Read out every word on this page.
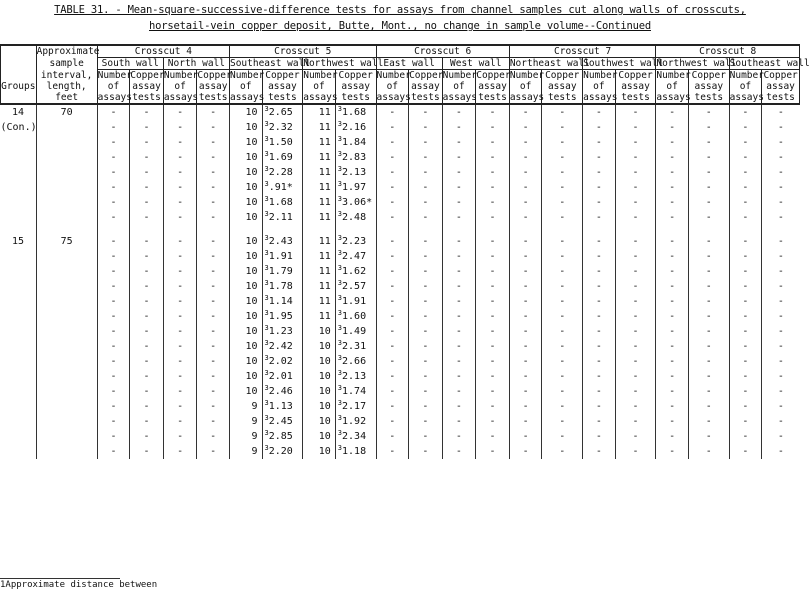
TABLE 31. - Mean-square-successive-difference tests for assays from channel samples cut along walls of crosscuts,
horsetail-vein copper deposit, Butte, Mont., no change in sample volume--Continued
	Approximate	Crosscut 4				Crosscut 5				Crosscut 6				Crosscut 7				Crosscut 8			
	sample	South wall		North wall		Southeast wall		Northwest wall		East wall		West wall		Northeast wall		Southwest wall		Northwest wall		Southeast wall	
	interval,	Number	Copper	Number	Copper	Number	Copper	Number	Copper	Number	Copper	Number	Copper	Number	Copper	Number	Copper	Number	Copper	Number	Copper
Groups	length,	of	assay	of	assay	of	assay	of	assay	of	assay	of	assay	of	assay	of	assay	of	assay	of	assay
	feet	assays	tests	assays	tests	assays	tests	assays	tests	assays	tests	assays	tests	assays	tests	assays	tests	assays	tests	assays	tests
14	70	-	-	-	-	10	$^3$2.65	11	$^3$1.68	-	-	-	-	-	-	-	-	-	-	-	-
(Con.)		-	-	-	-	10	$^3$2.32	11	$^3$2.16	-	-	-	-	-	-	-	-	-	-	-	-
		-	-	-	-	10	$^3$1.50	11	$^3$1.84	-	-	-	-	-	-	-	-	-	-	-	-
		-	-	-	-	10	$^3$1.69	11	$^3$2.83	-	-	-	-	-	-	-	-	-	-	-	-
		-	-	-	-	10	$^3$2.28	11	$^3$2.13	-	-	-	-	-	-	-	-	-	-	-	-
		-	-	-	-	10	$^3$.91*	11	$^3$1.97	-	-	-	-	-	-	-	-	-	-	-	-
		-	-	-	-	10	$^3$1.68	11	$^3$3.06*	-	-	-	-	-	-	-	-	-	-	-	-
		-	-	-	-	10	$^3$2.11	11	$^3$2.48	-	-	-	-	-	-	-	-	-	-	-	-

15	75	-	-	-	-	10	$^3$2.43	11	$^3$2.23	-	-	-	-	-	-	-	-	-	-	-	-
		-	-	-	-	10	$^3$1.91	11	$^3$2.47	-	-	-	-	-	-	-	-	-	-	-	-
		-	-	-	-	10	$^3$1.79	11	$^3$1.62	-	-	-	-	-	-	-	-	-	-	-	-
		-	-	-	-	10	$^3$1.78	11	$^3$2.57	-	-	-	-	-	-	-	-	-	-	-	-
		-	-	-	-	10	$^3$1.14	11	$^3$1.91	-	-	-	-	-	-	-	-	-	-	-	-
		-	-	-	-	10	$^3$1.95	11	$^3$1.60	-	-	-	-	-	-	-	-	-	-	-	-
		-	-	-	-	10	$^3$1.23	10	$^3$1.49	-	-	-	-	-	-	-	-	-	-	-	-
		-	-	-	-	10	$^3$2.42	10	$^3$2.31	-	-	-	-	-	-	-	-	-	-	-	-
		-	-	-	-	10	$^3$2.02	10	$^3$2.66	-	-	-	-	-	-	-	-	-	-	-	-
		-	-	-	-	10	$^3$2.01	10	$^3$2.13	-	-	-	-	-	-	-	-	-	-	-	-
		-	-	-	-	10	$^3$2.46	10	$^3$1.74	-	-	-	-	-	-	-	-	-	-	-	-
		-	-	-	-	9	$^3$1.13	10	$^3$2.17	-	-	-	-	-	-	-	-	-	-	-	-
		-	-	-	-	9	$^3$2.45	10	$^3$1.92	-	-	-	-	-	-	-	-	-	-	-	-
		-	-	-	-	9	$^3$2.85	10	$^3$2.34	-	-	-	-	-	-	-	-	-	-	-	-
		-	-	-	-	9	$^3$2.20	10	$^3$1.18	-	-	-	-	-	-	-	-	-	-	-	-
1Approximate distance between
